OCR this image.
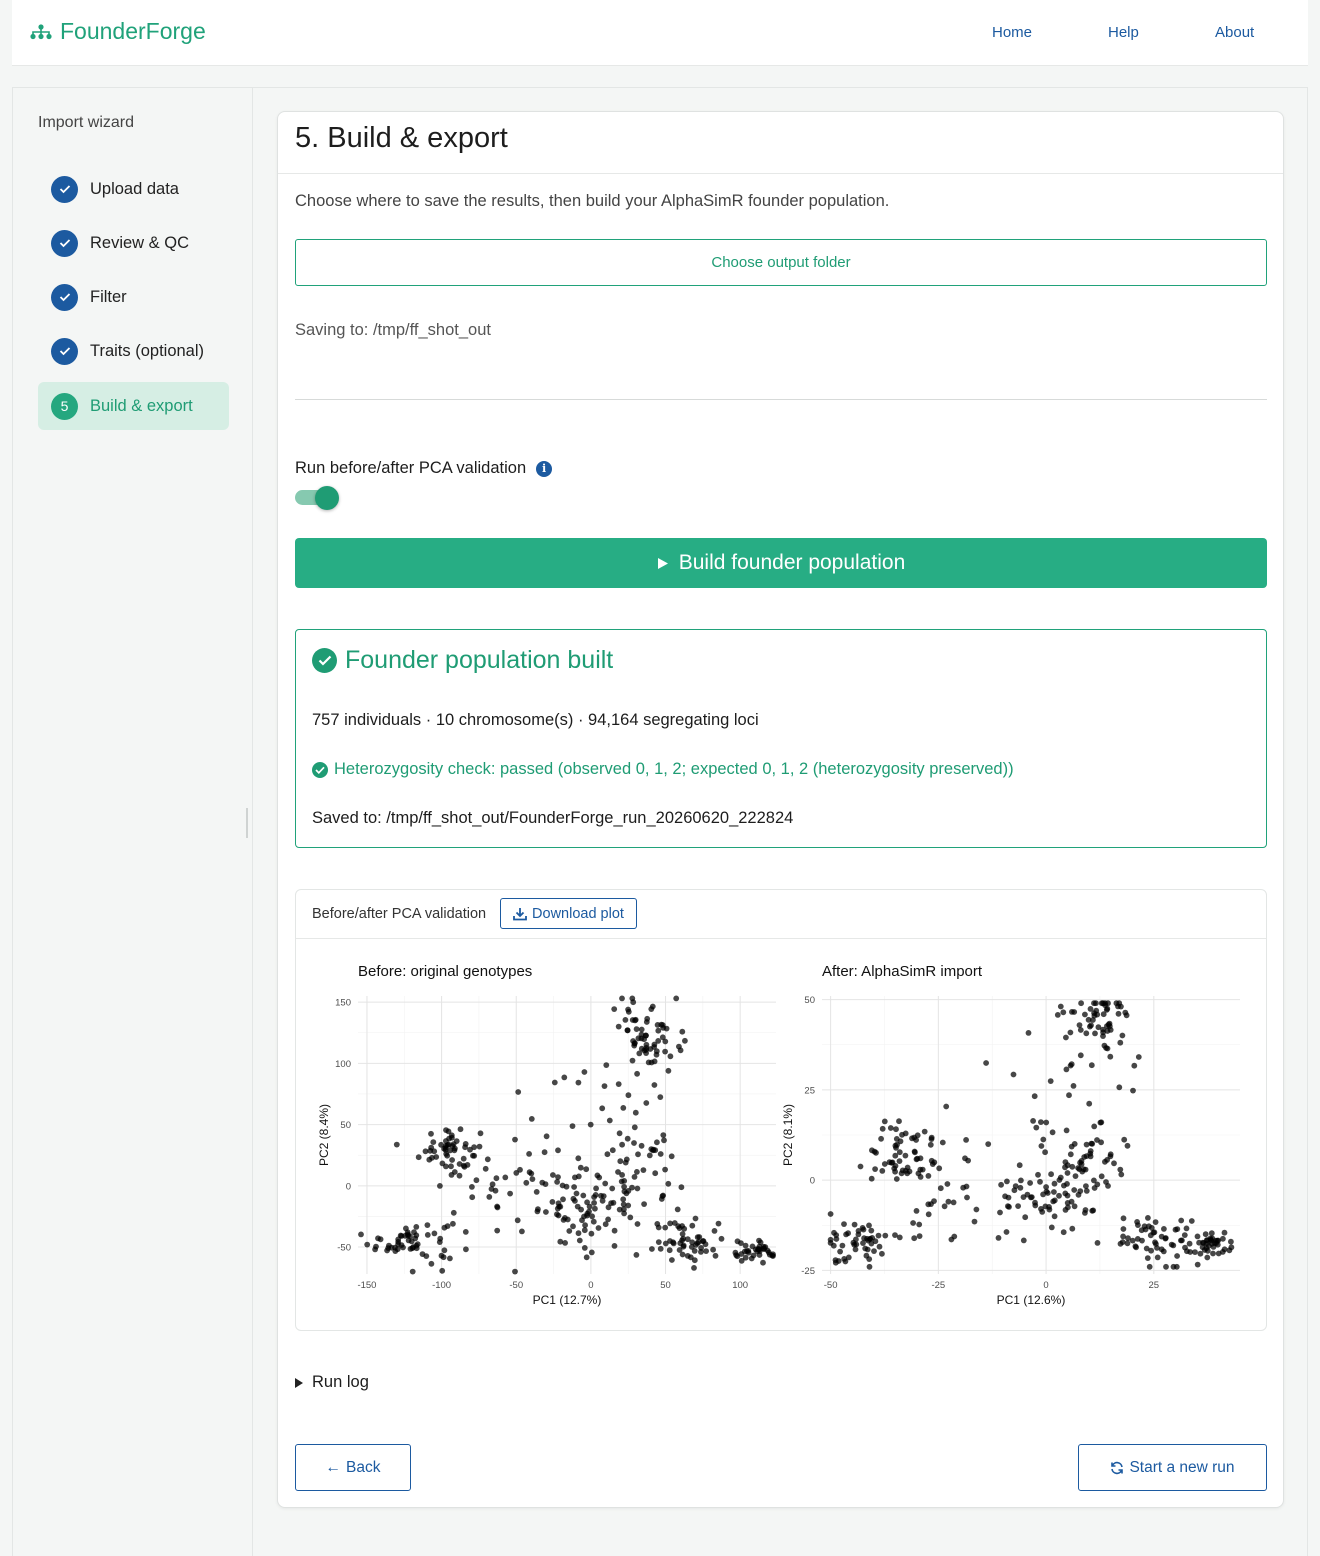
FounderForge	Home	Help	About
Import wizard
Upload data
Review & QC
Filter
Traits (optional)
5	Build & export
5. Build & export
Choose where to save the results, then build your AlphaSimR founder population.
Choose output folder
Saving to: /tmp/ff_shot_out
Run before/after PCA validation	i
Build founder population
Founder population built
757 individuals · 10 chromosome(s) · 94,164 segregating loci
Heterozygosity check: passed (observed 0, 1, 2; expected 0, 1, 2 (heterozygosity preserved))
Saved to: /tmp/ff_shot_out/FounderForge_run_20260620_222824
Before/after PCA validation	Download plot
-150	-100	-50	0	50	100
-50
0
50
100
150
Before: original genotypes
PC1 (12.7%)
PC2 (8.4%)
-50	-25	0	25
-25
0
25
50
After: AlphaSimR import
PC1 (12.6%)
PC2 (8.1%)
Run log
← Back	Start a new run
